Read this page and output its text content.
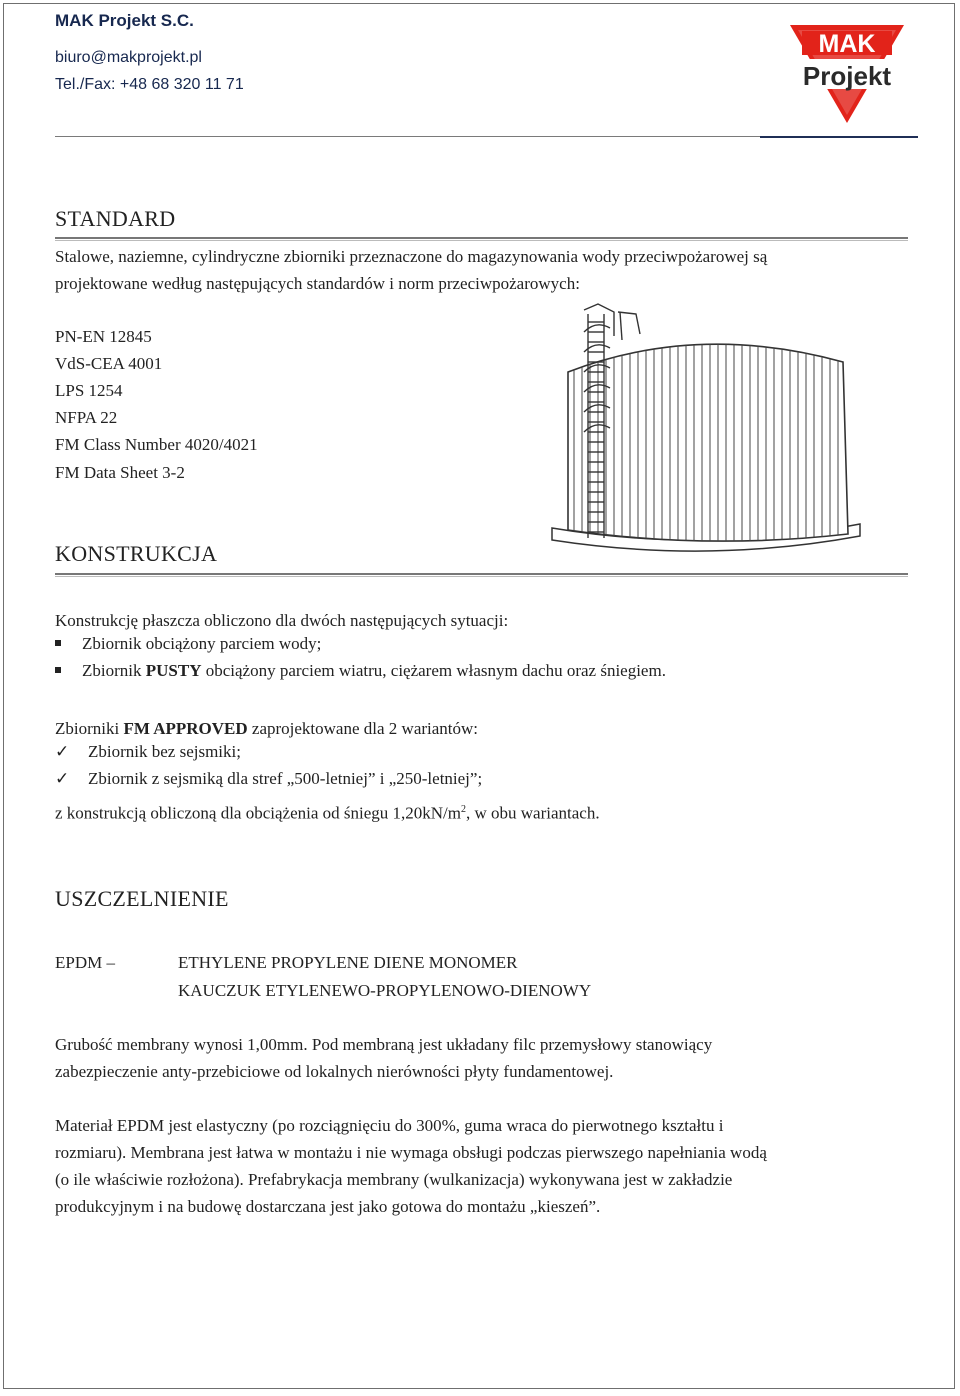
MAK Projekt S.C.
biuro@makprojekt.pl
Tel./Fax: +48 68 320 11 71
MAK
Projekt
STANDARD
Stalowe, naziemne, cylindryczne zbiorniki przeznaczone do magazynowania wody przeciwpożarowej są
projektowane według następujących standardów i norm przeciwpożarowych:
PN-EN 12845
VdS-CEA 4001
LPS 1254
NFPA 22
FM Class Number 4020/4021
FM Data Sheet 3-2
KONSTRUKCJA
Konstrukcję płaszcza obliczono dla dwóch następujących sytuacji:
Zbiornik obciążony parciem wody;
Zbiornik PUSTY obciążony parciem wiatru, ciężarem własnym dachu oraz śniegiem.
Zbiorniki FM APPROVED zaprojektowane dla 2 wariantów:
✓ Zbiornik bez sejsmiki;
✓ Zbiornik z sejsmiką dla stref „500-letniej” i „250-letniej”;
z konstrukcją obliczoną dla obciążenia od śniegu $1,20kN/m^2$, w obu wariantach.
USZCZELNIENIE
EPDM –	ETHYLENE PROPYLENE DIENE MONOMER
KAUCZUK ETYLENEWO-PROPYLENOWO-DIENOWY
Grubość membrany wynosi 1,00mm. Pod membraną jest układany filc przemysłowy stanowiący
zabezpieczenie anty-przebiciowe od lokalnych nierówności płyty fundamentowej.
Materiał EPDM jest elastyczny (po rozciągnięciu do 300%, guma wraca do pierwotnego kształtu i
rozmiaru). Membrana jest łatwa w montażu i nie wymaga obsługi podczas pierwszego napełniania wodą
(o ile właściwie rozłożona). Prefabrykacja membrany (wulkanizacja) wykonywana jest w zakładzie
produkcyjnym i na budowę dostarczana jest jako gotowa do montażu „kieszeń”.
